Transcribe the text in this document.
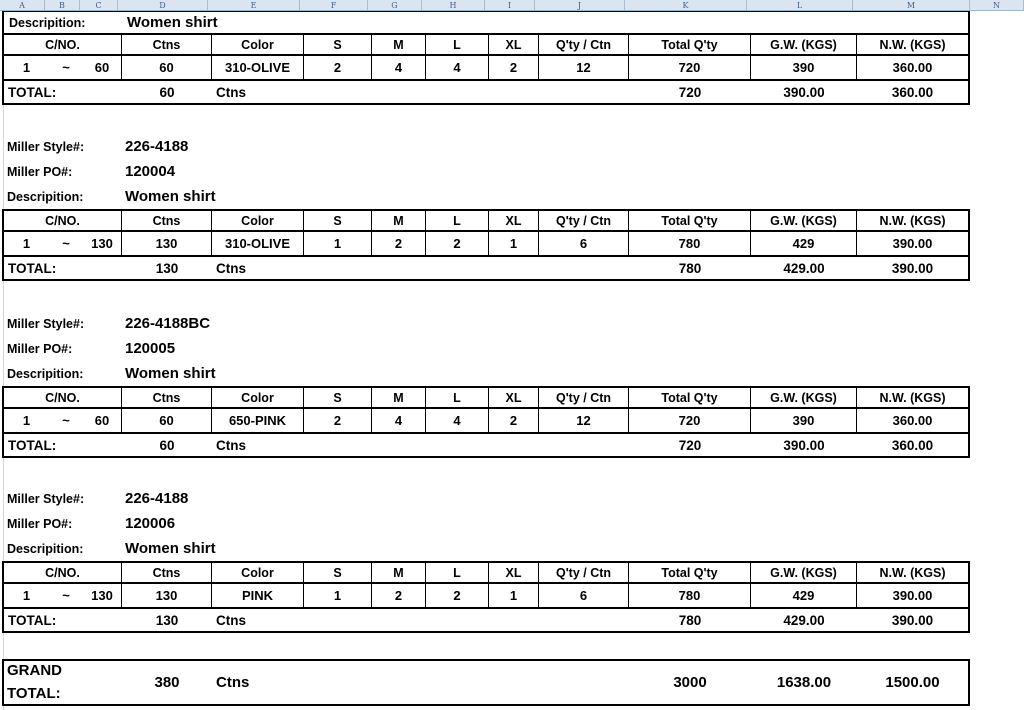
A	B	C	D	E	F	G	H	I	J	K	L	M	N
Descripition:	Women shirt
C/NO.	Ctns	Color	S	M	L	XL	Q'ty / Ctn	Total Q'ty	G.W. (KGS)	N.W. (KGS)
1	~	60	60	310-OLIVE	2	4	4	2	12	720	390	360.00
TOTAL:	60	Ctns	720	390.00	360.00
Miller Style#:	226-4188
Miller PO#:	120004
Descripition:	Women shirt
C/NO.	Ctns	Color	S	M	L	XL	Q'ty / Ctn	Total Q'ty	G.W. (KGS)	N.W. (KGS)
1	~	130	130	310-OLIVE	1	2	2	1	6	780	429	390.00
TOTAL:	130	Ctns	780	429.00	390.00
Miller Style#:	226-4188BC
Miller PO#:	120005
Descripition:	Women shirt
C/NO.	Ctns	Color	S	M	L	XL	Q'ty / Ctn	Total Q'ty	G.W. (KGS)	N.W. (KGS)
1	~	60	60	650-PINK	2	4	4	2	12	720	390	360.00
TOTAL:	60	Ctns	720	390.00	360.00
Miller Style#:	226-4188
Miller PO#:	120006
Descripition:	Women shirt
C/NO.	Ctns	Color	S	M	L	XL	Q'ty / Ctn	Total Q'ty	G.W. (KGS)	N.W. (KGS)
1	~	130	130	PINK	1	2	2	1	6	780	429	390.00
TOTAL:	130	Ctns	780	429.00	390.00
GRAND TOTAL:
380	Ctns	3000	1638.00	1500.00
